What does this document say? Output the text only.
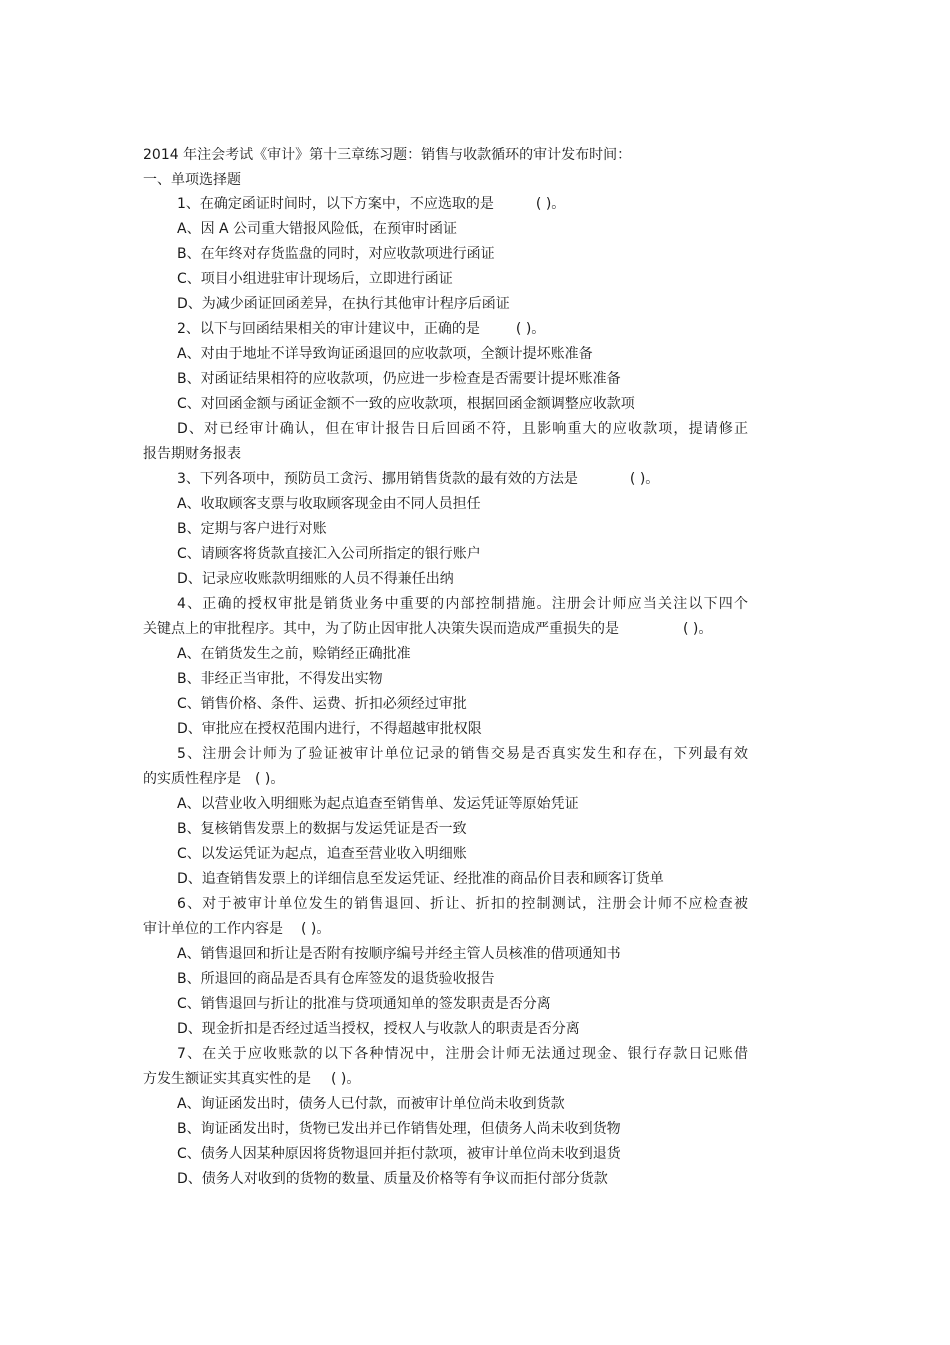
2014 年注会考试《审计》第十三章练习题：销售与收款循环的审计发布时间：
一、单项选择题
1、在确定函证时间时，以下方案中，不应选取的是	( )。
A、因 A 公司重大错报风险低，在预审时函证
B、在年终对存货监盘的同时，对应收款项进行函证
C、项目小组进驻审计现场后，立即进行函证
D、为减少函证回函差异，在执行其他审计程序后函证
2、以下与回函结果相关的审计建议中，正确的是	( )。
A、对由于地址不详导致询证函退回的应收款项，全额计提坏账准备
B、对函证结果相符的应收款项，仍应进一步检查是否需要计提坏账准备
C、对回函金额与函证金额不一致的应收款项，根据回函金额调整应收款项
D、对已经审计确认，但在审计报告日后回函不符，且影响重大的应收款项，提请修正
报告期财务报表
3、下列各项中，预防员工贪污、挪用销售货款的最有效的方法是	( )。
A、收取顾客支票与收取顾客现金由不同人员担任
B、定期与客户进行对账
C、请顾客将货款直接汇入公司所指定的银行账户
D、记录应收账款明细账的人员不得兼任出纳
4、正确的授权审批是销货业务中重要的内部控制措施。注册会计师应当关注以下四个
关键点上的审批程序。其中，为了防止因审批人决策失误而造成严重损失的是	( )。
A、在销货发生之前，赊销经正确批准
B、非经正当审批，不得发出实物
C、销售价格、条件、运费、折扣必须经过审批
D、审批应在授权范围内进行，不得超越审批权限
5、注册会计师为了验证被审计单位记录的销售交易是否真实发生和存在，下列最有效
的实质性程序是 ( )。
A、以营业收入明细账为起点追查至销售单、发运凭证等原始凭证
B、复核销售发票上的数据与发运凭证是否一致
C、以发运凭证为起点，追查至营业收入明细账
D、追查销售发票上的详细信息至发运凭证、经批准的商品价目表和顾客订货单
6、对于被审计单位发生的销售退回、折让、折扣的控制测试，注册会计师不应检查被
审计单位的工作内容是 ( )。
A、销售退回和折让是否附有按顺序编号并经主管人员核准的借项通知书
B、所退回的商品是否具有仓库签发的退货验收报告
C、销售退回与折让的批准与贷项通知单的签发职责是否分离
D、现金折扣是否经过适当授权，授权人与收款人的职责是否分离
7、在关于应收账款的以下各种情况中，注册会计师无法通过现金、银行存款日记账借
方发生额证实其真实性的是 ( )。
A、询证函发出时，债务人已付款，而被审计单位尚未收到货款
B、询证函发出时，货物已发出并已作销售处理，但债务人尚未收到货物
C、债务人因某种原因将货物退回并拒付款项，被审计单位尚未收到退货
D、债务人对收到的货物的数量、质量及价格等有争议而拒付部分货款
